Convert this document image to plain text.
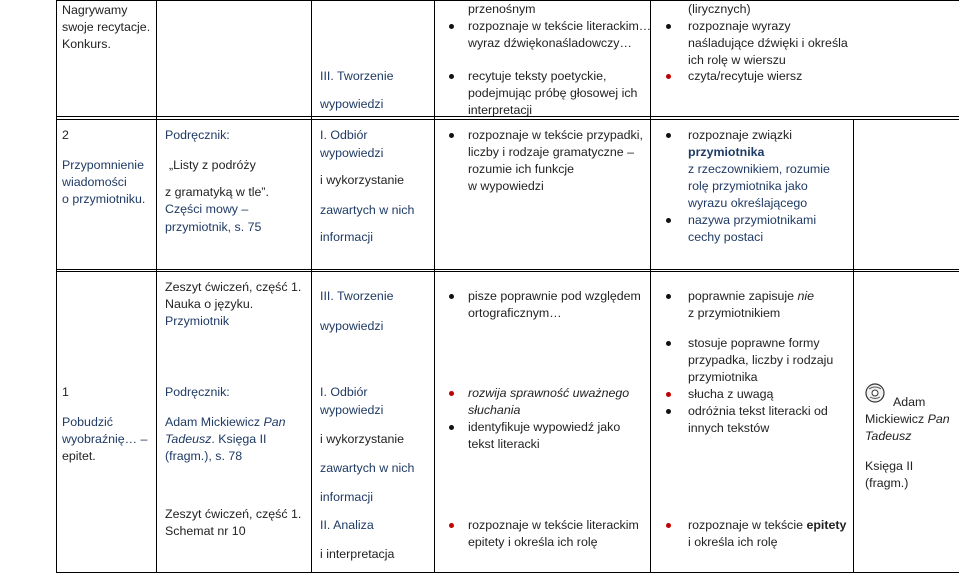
Nagrywamy
swoje recytacje.
Konkurs.
przenośnym
rozpoznaje w tekście literackim…
wyraz dźwiękonaśladowczy…
(lirycznych)
rozpoznaje wyrazy
naśladujące dźwięki i określa
ich rolę w wierszu
III. Tworzenie
wypowiedzi
recytuje teksty poetyckie,
podejmując próbę głosowej ich
interpretacji
czyta/recytuje wiersz
2
Przypomnienie
wiadomości
o przymiotniku.
Podręcznik:
„Listy z podróży
z gramatyką w tle”.
Części mowy –
przymiotnik, s. 75
I. Odbiór
wypowiedzi
i wykorzystanie
zawartych w nich
informacji
rozpoznaje w tekście przypadki,
liczby i rodzaje gramatyczne –
rozumie ich funkcje
w wypowiedzi
rozpoznaje związki
przymiotnika
z rzeczownikiem, rozumie
rolę przymiotnika jako
wyrazu określającego
nazywa przymiotnikami
cechy postaci
1
Pobudzić
wyobraźnię… –
epitet.
Zeszyt ćwiczeń, część 1.
Nauka o języku.
Przymiotnik
Podręcznik:
Adam Mickiewicz Pan
Tadeusz. Księga II
(fragm.), s. 78
Zeszyt ćwiczeń, część 1.
Schemat nr 10
III. Tworzenie
wypowiedzi
I. Odbiór
wypowiedzi
i wykorzystanie
zawartych w nich
informacji
II. Analiza
i interpretacja
pisze poprawnie pod względem
ortograficznym…
rozwija sprawność uważnego
słuchania
identyfikuje wypowiedź jako
tekst literacki
rozpoznaje w tekście literackim
epitety i określa ich rolę
poprawnie zapisuje nie
z przymiotnikiem
stosuje poprawne formy
przypadka, liczby i rodzaju
przymiotnika
słucha z uwagą
odróżnia tekst literacki od
innych tekstów
rozpoznaje w tekście epitety
i określa ich rolę
Adam
Mickiewicz Pan
Tadeusz
Księga II
(fragm.)
